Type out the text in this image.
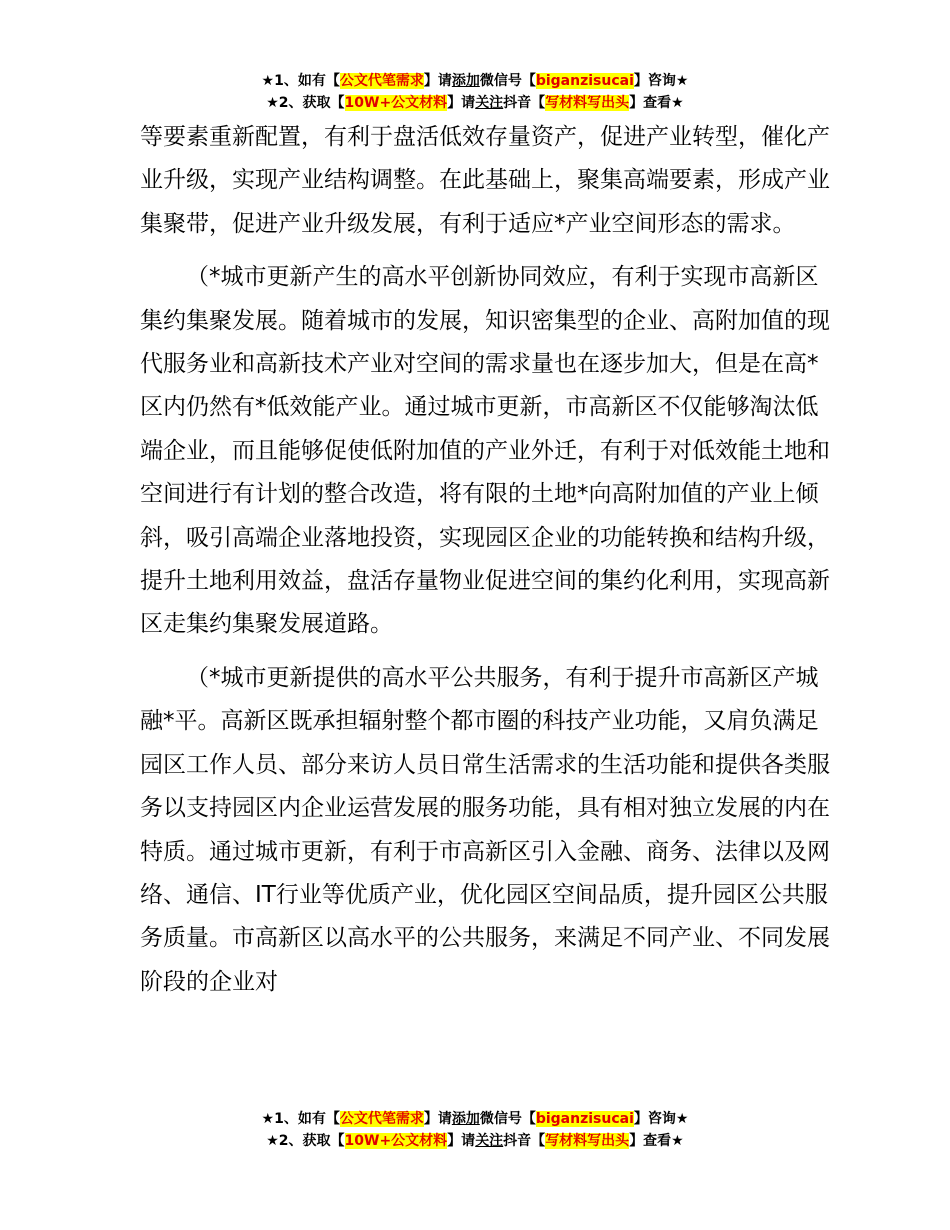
★1、如有【公文代笔需求】请添加微信号【biganzisucai】咨询★
★2、获取【10W+公文材料】请关注抖音【写材料写出头】查看★

等要素重新配置，有利于盘活低效存量资产，促进产业转型，催化产业升级，实现产业结构调整。在此基础上，聚集高端要素，形成产业集聚带，促进产业升级发展，有利于适应*产业空间形态的需求。

（*城市更新产生的高水平创新协同效应，有利于实现市高新区集约集聚发展。随着城市的发展，知识密集型的企业、高附加值的现代服务业和高新技术产业对空间的需求量也在逐步加大，但是在高*区内仍然有*低效能产业。通过城市更新，市高新区不仅能够淘汰低端企业，而且能够促使低附加值的产业外迁，有利于对低效能土地和空间进行有计划的整合改造，将有限的土地*向高附加值的产业上倾斜，吸引高端企业落地投资，实现园区企业的功能转换和结构升级，提升土地利用效益，盘活存量物业促进空间的集约化利用，实现高新区走集约集聚发展道路。

（*城市更新提供的高水平公共服务，有利于提升市高新区产城融*平。高新区既承担辐射整个都市圈的科技产业功能，又肩负满足园区工作人员、部分来访人员日常生活需求的生活功能和提供各类服务以支持园区内企业运营发展的服务功能，具有相对独立发展的内在特质。通过城市更新，有利于市高新区引入金融、商务、法律以及网络、通信、IT行业等优质产业，优化园区空间品质，提升园区公共服务质量。市高新区以高水平的公共服务，来满足不同产业、不同发展阶段的企业对

★1、如有【公文代笔需求】请添加微信号【biganzisucai】咨询★
★2、获取【10W+公文材料】请关注抖音【写材料写出头】查看★
